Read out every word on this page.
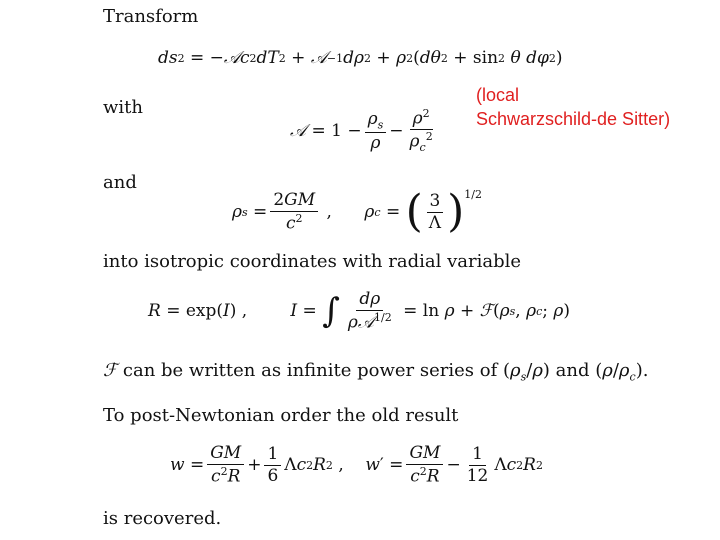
Transform
ds 2 = − 𝒜 c 2 dT 2 + 𝒜 −1 dρ 2 + ρ 2 ( dθ 2 + sin 2
θ dφ 2 )
with
𝒜 = $1 - \frac{\rho_s}{\rho} - \frac{\rho^2}{\rho_c^2}$
and
ρ $s = \frac{2GM}{c^2}$ , ρ c = ( $\frac{3}{\Lambda} )^{1/2}$
into isotropic coordinates with radial variable
R = exp( I ) , I = ∫ $\frac{d\rho}{\rho 𝒜^{1/2}} = \ln \rho$ + ℱ ( ρ s , ρ c ; ρ )
ℱ can be written as infinite power series of $(\rho_s/\rho)$ and $(\rho/\rho_c)$.
To post-Newtonian order the old result
$w = \frac{GM}{c^2R} + \frac{1}{6}$ Λ c 2 R 2 , w ′ = $\frac{GM}{c^2R} - \frac{1}{12}$ Λ c 2 R 2
is recovered.
(local
Schwarzschild-de Sitter)
